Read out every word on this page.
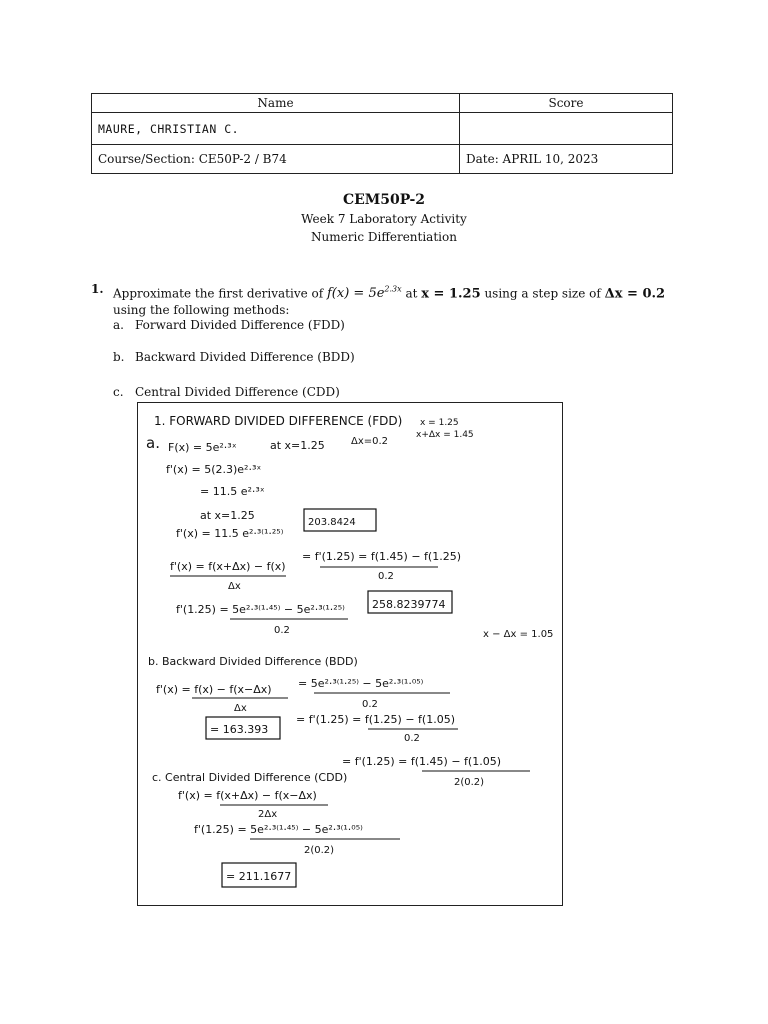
Name	Score
MAURE, CHRISTIAN C.	
Course/Section: CE50P-2 / B74	Date: APRIL 10, 2023
CEM50P-2
Week 7 Laboratory Activity
Numeric Differentiation
1. Approximate the first derivative of $f(x) = 5e^{2.3x}$ at x = 1.25 using a step size of Δx = 0.2 using the following methods:
a. Forward Divided Difference (FDD)
b. Backward Divided Difference (BDD)
c. Central Divided Difference (CDD)
1. FORWARD DIVIDED DIFFERENCE (FDD) x = 1.25
x+Δx = 1.45
a. F(x) = 5e²·³ˣ	at x=1.25	Δx=0.2
f'(x) = 5(2.3)e²·³ˣ
= 11.5 e²·³ˣ
at x=1.25
f'(x) = 11.5 e²·³⁽¹·²⁵⁾
203.8424
f'(x) = f(x+Δx) − f(x)
Δx
= f'(1.25) = f(1.45) − f(1.25)
0.2
f'(1.25) = 5e²·³⁽¹·⁴⁵⁾ − 5e²·³⁽¹·²⁵⁾
0.2
258.8239774
x − Δx = 1.05
b. Backward Divided Difference (BDD)
f'(x) = f(x) − f(x−Δx)
Δx
= 5e²·³⁽¹·²⁵⁾ − 5e²·³⁽¹·⁰⁵⁾
0.2
= 163.393
= f'(1.25) = f(1.25) − f(1.05)
0.2
c. Central Divided Difference (CDD)
f'(x) = f(x+Δx) − f(x−Δx)
2Δx
= f'(1.25) = f(1.45) − f(1.05)
2(0.2)
f'(1.25) = 5e²·³⁽¹·⁴⁵⁾ − 5e²·³⁽¹·⁰⁵⁾
2(0.2)
= 211.1677
